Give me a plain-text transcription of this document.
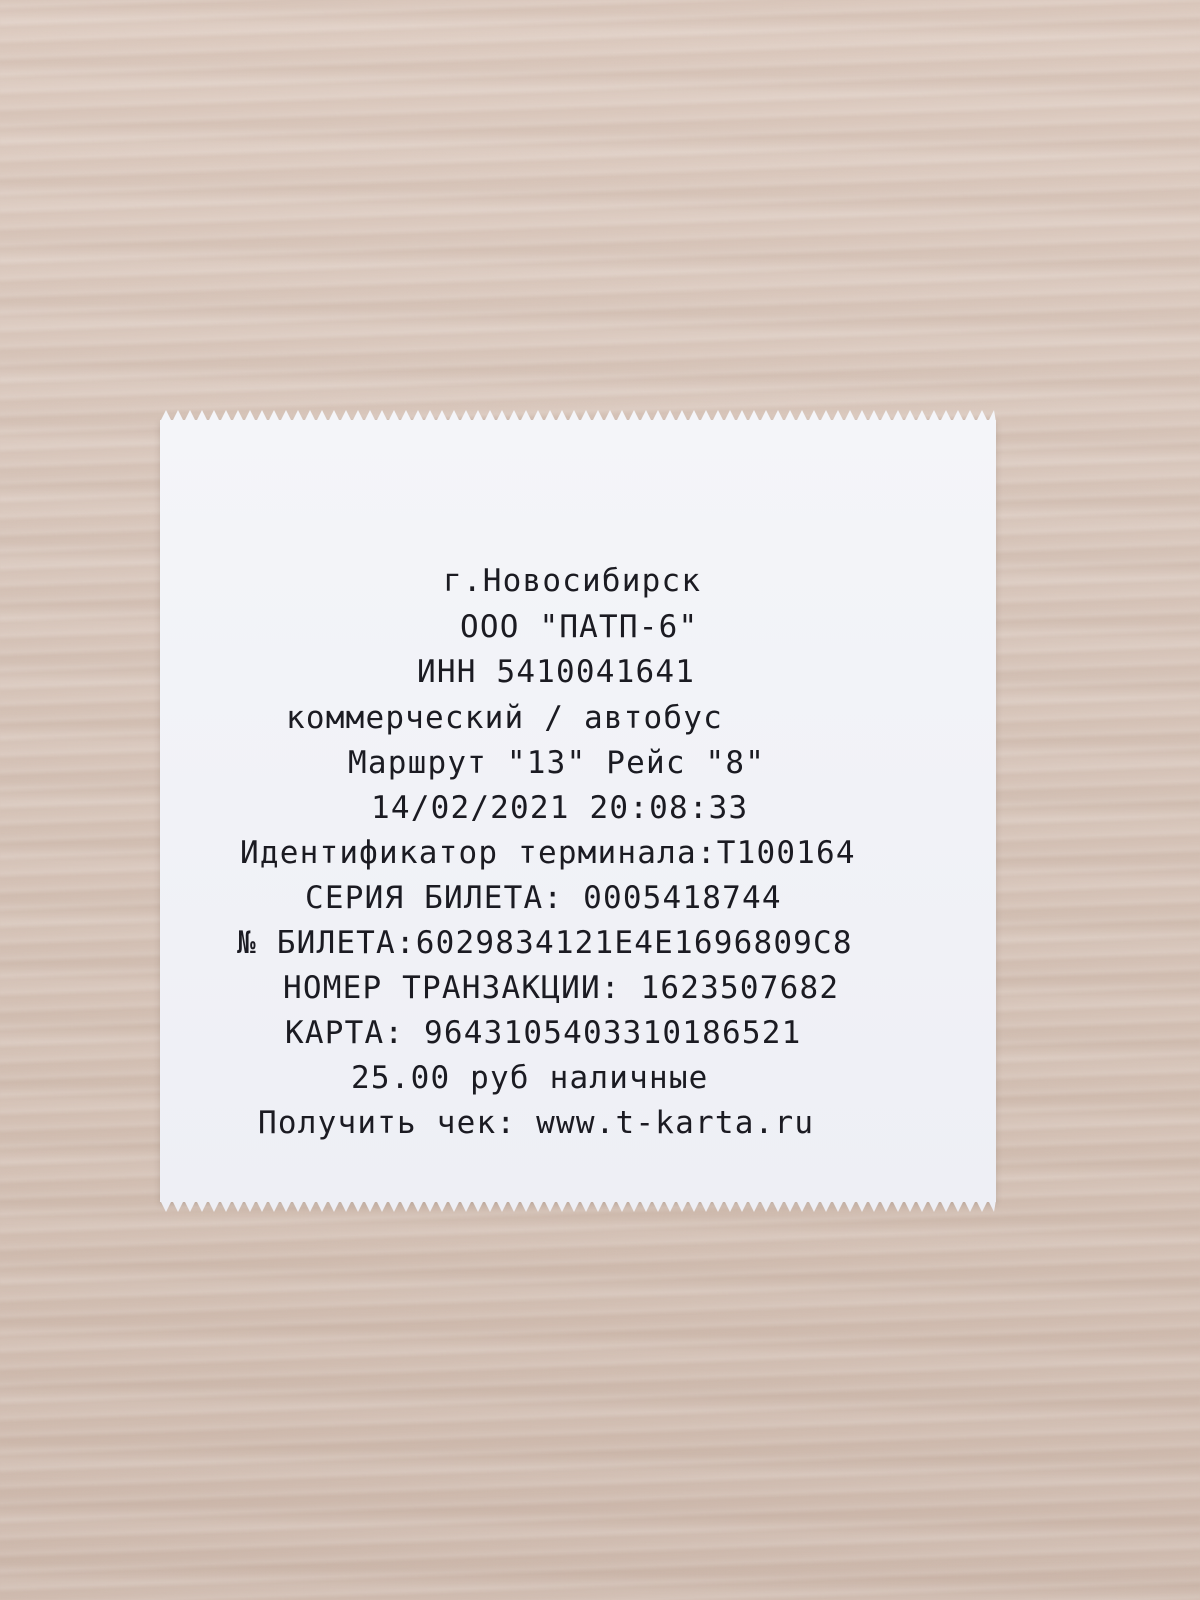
г.Новосибирск
ООО "ПАТП-6"
ИНН 5410041641
коммерческий / автобус
Маршрут "13" Рейс "8"
14/02/2021 20:08:33
Идентификатор терминала:T100164
СЕРИЯ БИЛЕТА: 0005418744
№ БИЛЕТА:6029834121E4E1696809C8
НОМЕР ТРАНЗАКЦИИ: 1623507682
КАРТА: 9643105403310186521
25.00 руб наличные
Получить чек: www.t-karta.ru
